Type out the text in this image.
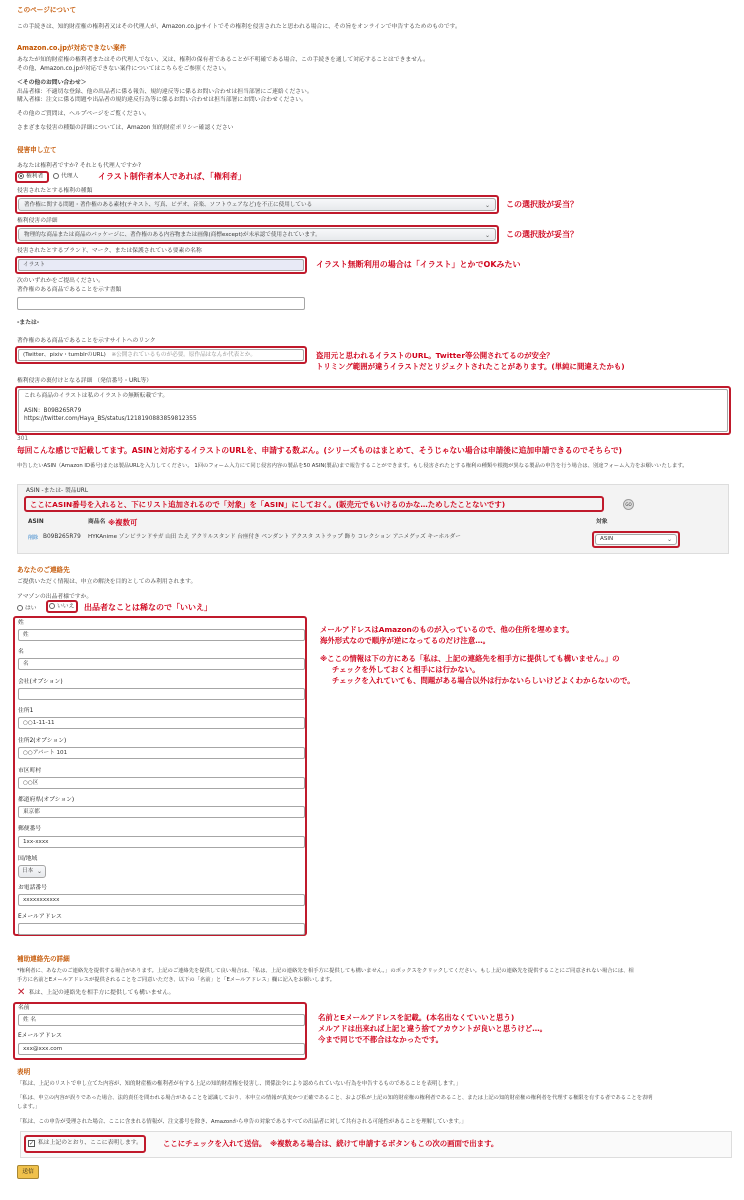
このページについて
この手続きは、知的財産権の権利者又はその代理人が、Amazon.co.jpサイトでその権利を侵害されたと思われる場合に、その旨をオンラインで申告するためのものです。
Amazon.co.jpが対応できない案件
あなたが知的財産権の権利者またはその代理人でない、又は、権利の保有者であることが不明確である場合、この手続きを通して対応することはできません。
その他、Amazon.co.jpが対応できない案件についてはこちらをご参照ください。
＜その他のお問い合わせ＞
出品者様：不適切な登録、他の出品者に係る報告、規約違反等に係るお問い合わせは担当部署にご連絡ください。
購入者様：注文に係る問題や出品者の規約違反行為等に係るお問い合わせは担当部署にお問い合わせください。
その他のご質問は、ヘルプページをご覧ください。
さまざまな侵害の種類の詳細については、Amazon 知的財産ポリシー確認ください
侵害申し立て
あなたは権利者ですか? それとも代理人ですか?
権利者	代理人 イラスト制作者本人であれば、「権利者」
侵害されたとする権利の種類
著作権に関する問題・著作権のある素材(テキスト、写真、ビデオ、音楽、ソフトウェアなど)を不正に使用している	⌄ この選択肢が妥当？
権利侵害の詳細
物理的な商品または商品のパッケージに、著作権のある内容物または画像(商標except)が未承認で使用されています。	⌄ この選択肢が妥当？
侵害されたとするブランド、マーク、または保護されている要素の名称
イラスト	イラスト無断利用の場合は「イラスト」とかでOKみたい
次のいずれかをご提出ください。
著作権のある商品であることを示す書類
-または-
著作権のある商品であることを示すサイトへのリンク
(Twitter、pixiv・tumblrのURL)　 ※公開されているものが必要。原作品はなんか代表とか。	盗用元と思われるイラストのURL。Twitter等公開されてるのが安全？
トリミング範囲が違うイラストだとリジェクトされたことがあります。(単純に間違えたかも)
権利侵害の裏付けとなる詳細 （発信番号・URL等）
これら商品のイラストは私のイラストの無断転載です。
ASIN：B09B265R79
https://twitter.com/Haya_BS/status/1218190883859812355
301
毎回こんな感じで記載してます。ASINと対応するイラストのURLを、申請する数ぶん。(シリーズものはまとめて、そうじゃない場合は申請後に追加申請できるのでそちらで)
申告したいASIN（Amazon ID番号)または製品URLを入力してください。 1回のフォーム入力にて同じ侵害内容の製品を50 ASIN(製品)まで報告することができます。もし侵害されたとする権利の種類や根拠が異なる製品の申告を行う場合は、別途フォーム入力をお願いいたします。
ASIN -または- 製品URL
ここにASIN番号を入れると、下にリスト追加されるので「対象」を「ASIN」にしておく。(販売元でもいけるのかな…ためしたことないです)	GO
ASIN	商品名 ※複数可	対象
削除 B09B265R79 HYKAnime ゾンビランドサガ 山田 たえ アクリルスタンド 台座付き ペンダント アクスタ ストラップ 飾り コレクション アニメグッズ キーホルダー	ASIN	⌄
あなたのご連絡先
ご提供いただく情報は、申立の解決を目的としてのみ利用されます。
アマゾンの出品者様ですか。
はい	いいえ 出品者なことは稀なので「いいえ」
姓
姓
名
名
会社(オプション)
住所1
○○1-11-11
住所2(オプション)
○○アパート 101
市区町村
○○区
都道府県(オプション)
東京都
郵便番号
1xx-xxxx
国/地域
日本 ⌄
お電話番号
xxxxxxxxxxx
Eメールアドレス
メールアドレスはAmazonのものが入っているので、他の住所を埋めます。
海外形式なので順序が逆になってるのだけ注意…。
※ここの情報は下の方にある「私は、上記の連絡先を相手方に提供しても構いません。」の
チェックを外しておくと相手には行かない。
チェックを入れていても、問題がある場合以外は行かないらしいけどよくわからないので。
補助連絡先の詳細
*権利者に、あなたのご連絡先を提供する場合があります。上記のご連絡先を提供して良い場合は、「私は、上記の連絡先を相手方に提供しても構いません。」のボックスをクリックしてください。もし上記の連絡先を提供することにご同意されない場合には、相
手方に名前とEメールアドレスが提供されることをご同意いただき、以下の「名前」と「Eメールアドレス」欄に記入をお願いします。
✕ 私は、上記の連絡先を相手方に提供しても構いません。
名前
姓 名
Eメールアドレス
xxx@xxx.com
名前とEメールアドレスを記載。(本名出なくていいと思う)
メルアドは出来れば上記と違う捨てアカウントが良いと思うけど…。
今まで同じで不都合はなかったです。
表明
「私は、上記のリストで申し立てた内容が、知的財産権の権利者が有する上記の知的財産権を侵害し、関係法令により認められていない行為を申告するものであることを表明します。」
「私は、申立の内容が誤りであった場合、法的責任を問われる場合があることを認識しており、本申立の情報が真実かつ正確であること、および私が上記の知的財産権の権利者であること、または上記の知的財産権の権利者を代理する権限を有する者であることを表明
します。」
「私は、この申告が受理された場合、ここに含まれる情報が、注文番号を除き、Amazonから申告の対象であるすべての出品者に対して共有される可能性があることを理解しています。」
✓ 私は上記のとおり、ここに表明します。	ここにチェックを入れて送信。　※複数ある場合は、続けて申請するボタンもこの次の画面で出ます。
送信
